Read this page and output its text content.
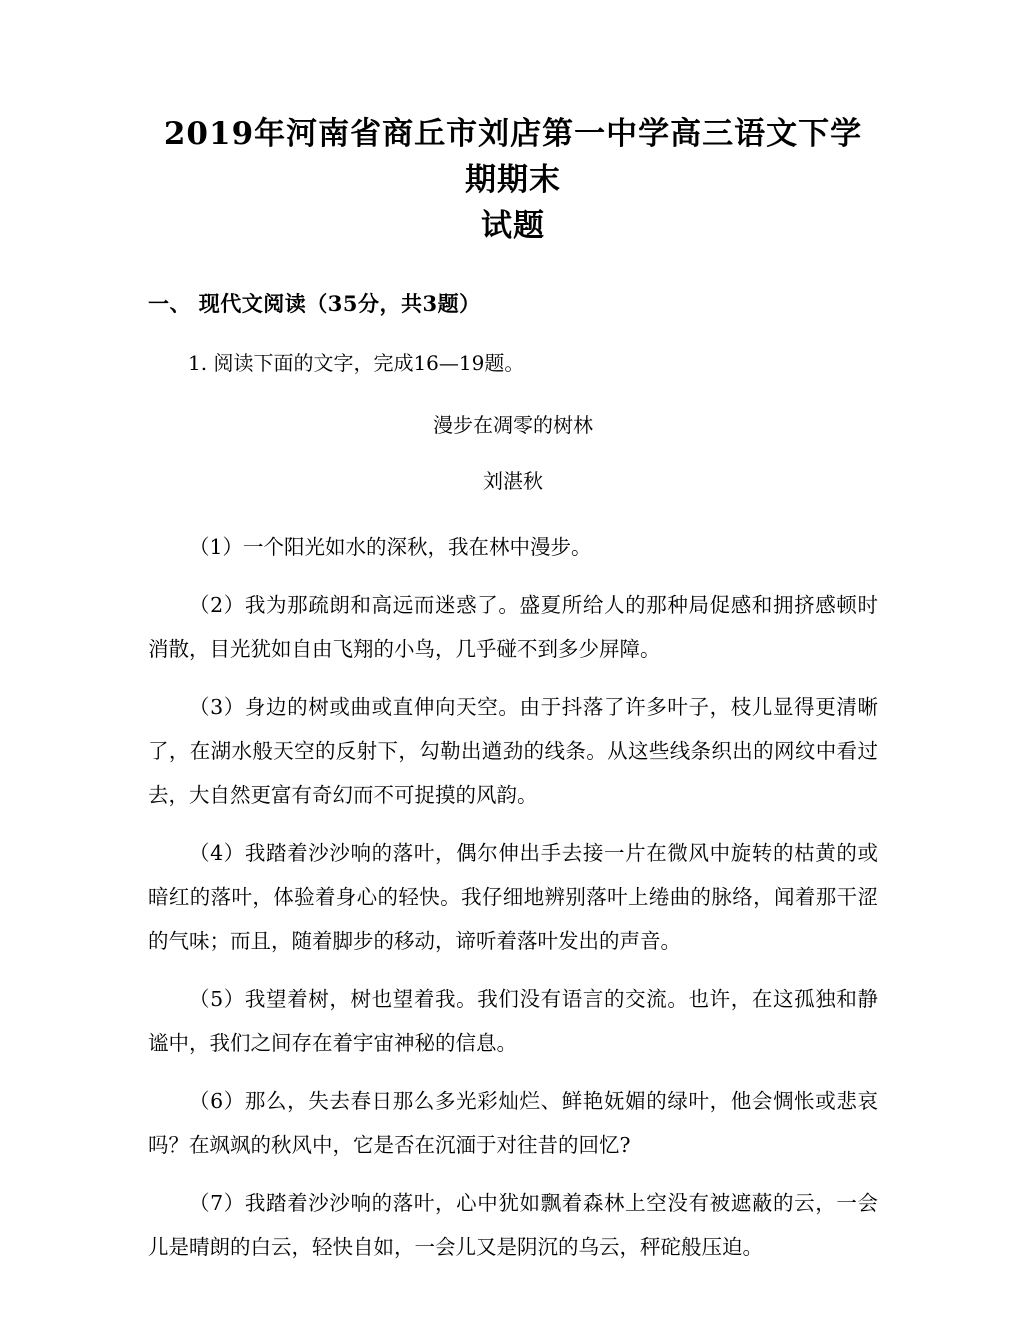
2019年河南省商丘市刘店第一中学高三语文下学期期末
试题
一、 现代文阅读（35分，共3题）

1. 阅读下面的文字，完成16—19题。

漫步在凋零的树林

刘湛秋

（1）一个阳光如水的深秋，我在林中漫步。

（2）我为那疏朗和高远而迷惑了。盛夏所给人的那种局促感和拥挤感顿时消散，目光犹如自由飞翔的小鸟，几乎碰不到多少屏障。

（3）身边的树或曲或直伸向天空。由于抖落了许多叶子，枝儿显得更清晰了，在湖水般天空的反射下，勾勒出遒劲的线条。从这些线条织出的网纹中看过去，大自然更富有奇幻而不可捉摸的风韵。

（4）我踏着沙沙响的落叶，偶尔伸出手去接一片在微风中旋转的枯黄的或暗红的落叶，体验着身心的轻快。我仔细地辨别落叶上绻曲的脉络，闻着那干涩的气味；而且，随着脚步的移动，谛听着落叶发出的声音。

（5）我望着树，树也望着我。我们没有语言的交流。也许，在这孤独和静谧中，我们之间存在着宇宙神秘的信息。

（6）那么，失去春日那么多光彩灿烂、鲜艳妩媚的绿叶，他会惆怅或悲哀吗？在飒飒的秋风中，它是否在沉湎于对往昔的回忆?

（7）我踏着沙沙响的落叶，心中犹如飘着森林上空没有被遮蔽的云，一会儿是晴朗的白云，轻快自如，一会儿又是阴沉的乌云，秤砣般压迫。
